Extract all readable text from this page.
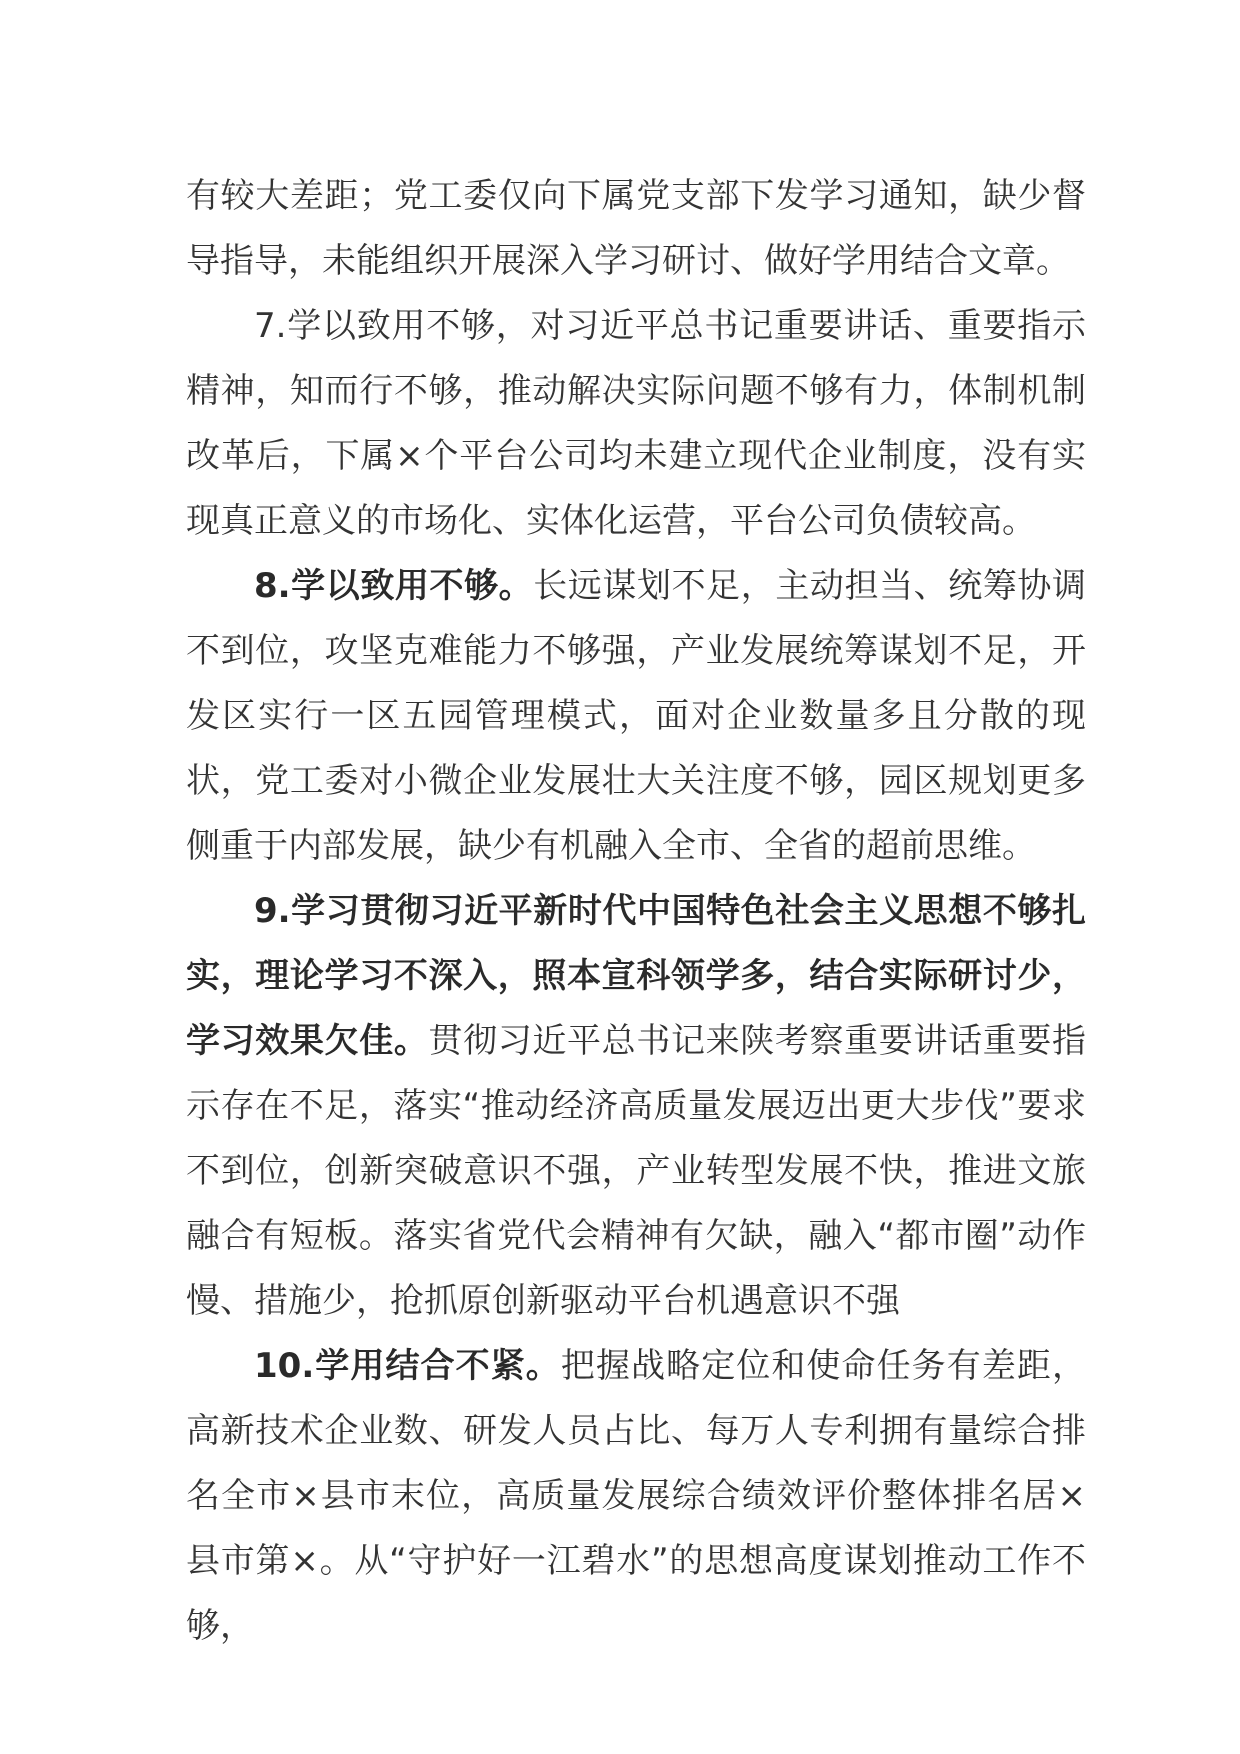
有较大差距；党工委仅向下属党支部下发学习通知，缺少督导指导，未能组织开展深入学习研讨、做好学用结合文章。

7.学以致用不够，对习近平总书记重要讲话、重要指示精神，知而行不够，推动解决实际问题不够有力，体制机制改革后，下属×个平台公司均未建立现代企业制度，没有实现真正意义的市场化、实体化运营，平台公司负债较高。

8.学以致用不够。长远谋划不足，主动担当、统筹协调不到位，攻坚克难能力不够强，产业发展统筹谋划不足，开发区实行一区五园管理模式，面对企业数量多且分散的现状，党工委对小微企业发展壮大关注度不够，园区规划更多侧重于内部发展，缺少有机融入全市、全省的超前思维。

9.学习贯彻习近平新时代中国特色社会主义思想不够扎实，理论学习不深入，照本宣科领学多，结合实际研讨少，学习效果欠佳。贯彻习近平总书记来陕考察重要讲话重要指示存在不足，落实“推动经济高质量发展迈出更大步伐”要求不到位，创新突破意识不强，产业转型发展不快，推进文旅融合有短板。落实省党代会精神有欠缺，融入“都市圈”动作慢、措施少，抢抓原创新驱动平台机遇意识不强

10.学用结合不紧。把握战略定位和使命任务有差距，高新技术企业数、研发人员占比、每万人专利拥有量综合排名全市×县市末位，高质量发展综合绩效评价整体排名居×县市第×。从“守护好一江碧水”的思想高度谋划推动工作不够，
